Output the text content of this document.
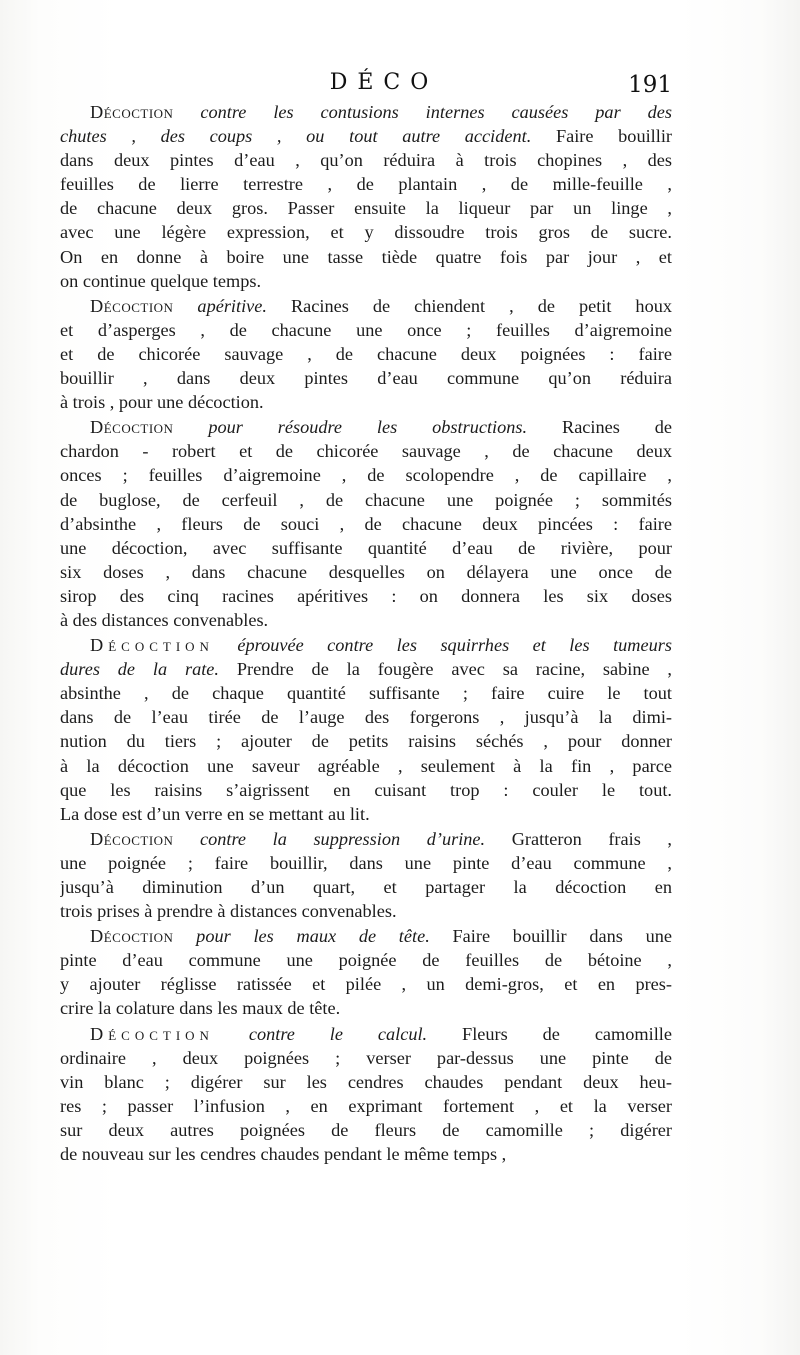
DÉCO	191

Décoction contre les contusions internes causées par des
chutes , des coups , ou tout autre accident. Faire bouillir
dans deux pintes d’eau , qu’on réduira à trois chopines , des
feuilles de lierre terrestre , de plantain , de mille-feuille ,
de chacune deux gros. Passer ensuite la liqueur par un linge ,
avec une légère expression, et y dissoudre trois gros de sucre.
On en donne à boire une tasse tiède quatre fois par jour , et
on continue quelque temps.

Décoction apéritive. Racines de chiendent , de petit houx
et d’asperges , de chacune une once ; feuilles d’aigremoine
et de chicorée sauvage , de chacune deux poignées : faire
bouillir , dans deux pintes d’eau commune qu’on réduira
à trois , pour une décoction.

Décoction pour résoudre les obstructions. Racines de
chardon - robert et de chicorée sauvage , de chacune deux
onces ; feuilles d’aigremoine , de scolopendre , de capillaire ,
de buglose, de cerfeuil , de chacune une poignée ; sommités
d’absinthe , fleurs de souci , de chacune deux pincées : faire
une décoction, avec suffisante quantité d’eau de rivière, pour
six doses , dans chacune desquelles on délayera une once de
sirop des cinq racines apéritives : on donnera les six doses
à des distances convenables.

Décoction éprouvée contre les squirrhes et les tumeurs
dures de la rate. Prendre de la fougère avec sa racine, sabine ,
absinthe , de chaque quantité suffisante ; faire cuire le tout
dans de l’eau tirée de l’auge des forgerons , jusqu’à la dimi-
nution du tiers ; ajouter de petits raisins séchés , pour donner
à la décoction une saveur agréable , seulement à la fin , parce
que les raisins s’aigrissent en cuisant trop : couler le tout.
La dose est d’un verre en se mettant au lit.

Décoction contre la suppression d’urine. Gratteron frais ,
une poignée ; faire bouillir, dans une pinte d’eau commune ,
jusqu’à diminution d’un quart, et partager la décoction en
trois prises à prendre à distances convenables.

Décoction pour les maux de tête. Faire bouillir dans une
pinte d’eau commune une poignée de feuilles de bétoine ,
y ajouter réglisse ratissée et pilée , un demi-gros, et en pres-
crire la colature dans les maux de tête.

Décoction contre le calcul. Fleurs de camomille
ordinaire , deux poignées ; verser par-dessus une pinte de
vin blanc ; digérer sur les cendres chaudes pendant deux heu-
res ; passer l’infusion , en exprimant fortement , et la verser
sur deux autres poignées de fleurs de camomille ; digérer
de nouveau sur les cendres chaudes pendant le même temps ,
